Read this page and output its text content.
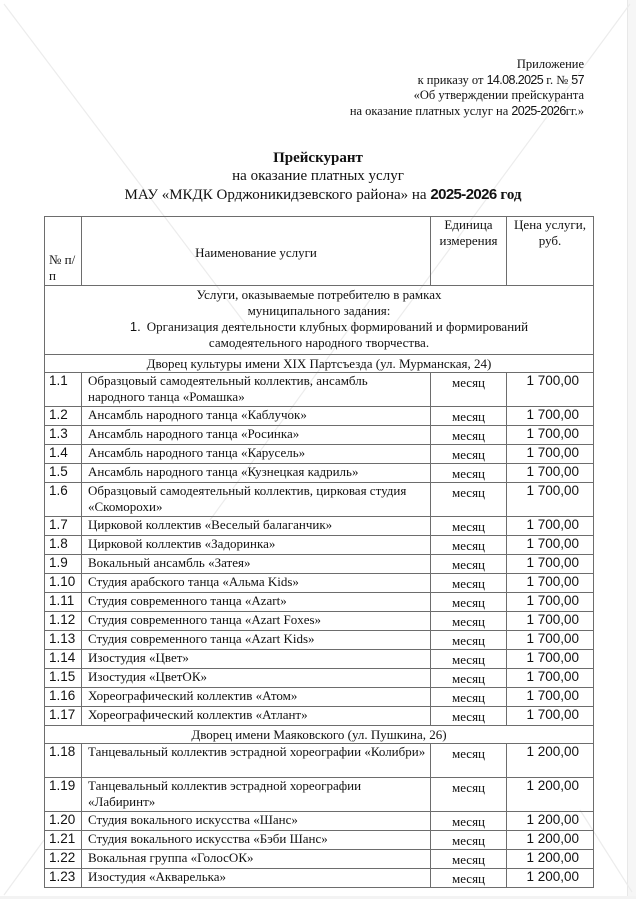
Приложение
к приказу от 14.08.2025 г. № 57
«Об утверждении прейскуранта
на оказание платных услуг на 2025-2026гг.»
Прейскурант
на оказание платных услуг
МАУ «МКДК Орджоникидзевского района» на 2025-2026 год
№ п/ п	Наименование услуги	Единица измерения	Цена услуги, руб.

Услуги, оказываемые потребителю в рамках
муниципального задания:
1. Организация деятельности клубных формирований и формирований
самодеятельного народного творчества.			

Дворец культуры имени XIX Партсъезда (ул. Мурманская, 24)			
1.1	Образцовый самодеятельный коллектив, ансамбль народного танца «Ромашка»	месяц	1 700,00
1.2	Ансамбль народного танца «Каблучок»	месяц	1 700,00
1.3	Ансамбль народного танца «Росинка»	месяц	1 700,00
1.4	Ансамбль народного танца «Карусель»	месяц	1 700,00
1.5	Ансамбль народного танца «Кузнецкая кадриль»	месяц	1 700,00
1.6	Образцовый самодеятельный коллектив, цирковая студия «Скоморохи»	месяц	1 700,00
1.7	Цирковой коллектив «Веселый балаганчик»	месяц	1 700,00
1.8	Цирковой коллектив «Задоринка»	месяц	1 700,00
1.9	Вокальный ансамбль «Затея»	месяц	1 700,00
1.10	Студия арабского танца «Альма Kids»	месяц	1 700,00
1.11	Студия современного танца «Azart»	месяц	1 700,00
1.12	Студия современного танца «Azart Foxes»	месяц	1 700,00
1.13	Студия современного танца «Azart Kids»	месяц	1 700,00
1.14	Изостудия «Цвет»	месяц	1 700,00
1.15	Изостудия «ЦветОК»	месяц	1 700,00
1.16	Хореографический коллектив «Атом»	месяц	1 700,00
1.17	Хореографический коллектив «Атлант»	месяц	1 700,00
Дворец имени Маяковского (ул. Пушкина, 26)			
1.18	Танцевальный коллектив эстрадной хореографии «Колибри»	месяц	1 200,00
1.19	Танцевальный коллектив эстрадной хореографии «Лабиринт»	месяц	1 200,00
1.20	Студия вокального искусства «Шанс»	месяц	1 200,00
1.21	Студия вокального искусства «Бэби Шанс»	месяц	1 200,00
1.22	Вокальная группа «ГолосОК»	месяц	1 200,00
1.23	Изостудия «Акварелька»	месяц	1 200,00
